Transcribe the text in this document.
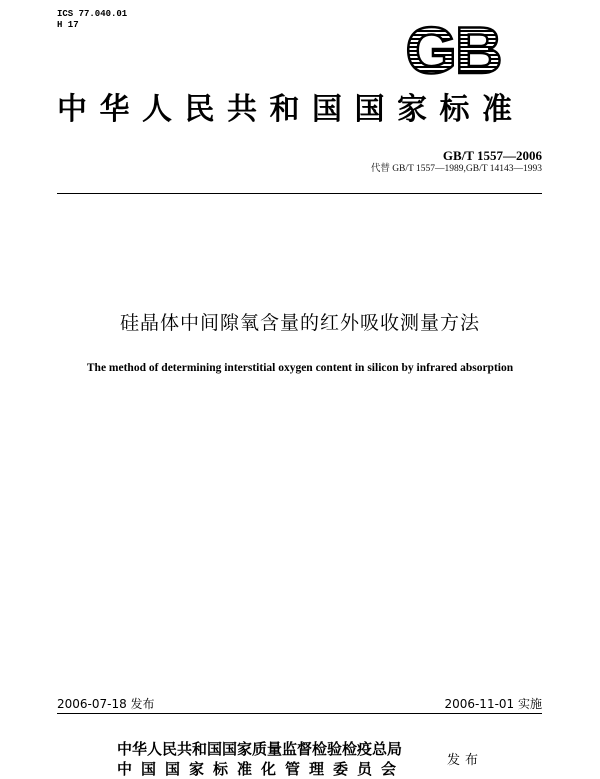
ICS 77.040.01
H 17	GB
中华人民共和国国家标准
GB/T 1557—2006
代替 GB/T 1557—1989,GB/T 14143—1993
硅晶体中间隙氧含量的红外吸收测量方法
The method of determining interstitial oxygen content in silicon by infrared absorption
2006-07-18 发布	2006-11-01 实施
中华人民共和国国家质量监督检验检疫总局
中国国家标准化管理委员会	发布
